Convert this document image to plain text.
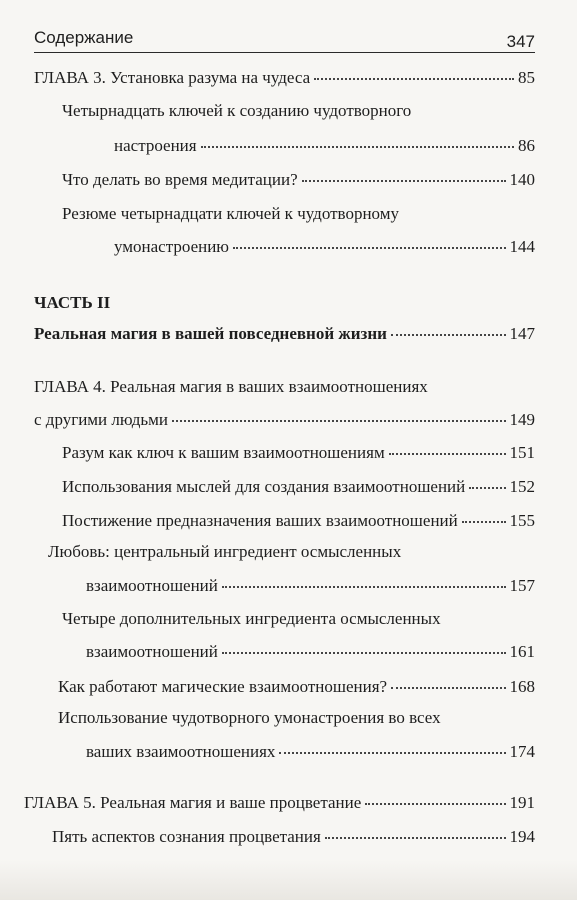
Содержание	347
ГЛАВА 3. Установка разума на чудеса	85
Четырнадцать ключей к созданию чудотворного
настроения	86
Что делать во время медитации?	140
Резюме четырнадцати ключей к чудотворному
умонастроению	144
ЧАСТЬ II
Реальная магия в вашей повседневной жизни	147
ГЛАВА 4. Реальная магия в ваших взаимоотношениях
с другими людьми	149
Разум как ключ к вашим взаимоотношениям	151
Использования мыслей для создания взаимоотношений	152
Постижение предназначения ваших взаимоотношений	155
Любовь: центральный ингредиент осмысленных
взаимоотношений	157
Четыре дополнительных ингредиента осмысленных
взаимоотношений	161
Как работают магические взаимоотношения?	168
Использование чудотворного умонастроения во всех
ваших взаимоотношениях	174
ГЛАВА 5. Реальная магия и ваше процветание	191
Пять аспектов сознания процветания	194
